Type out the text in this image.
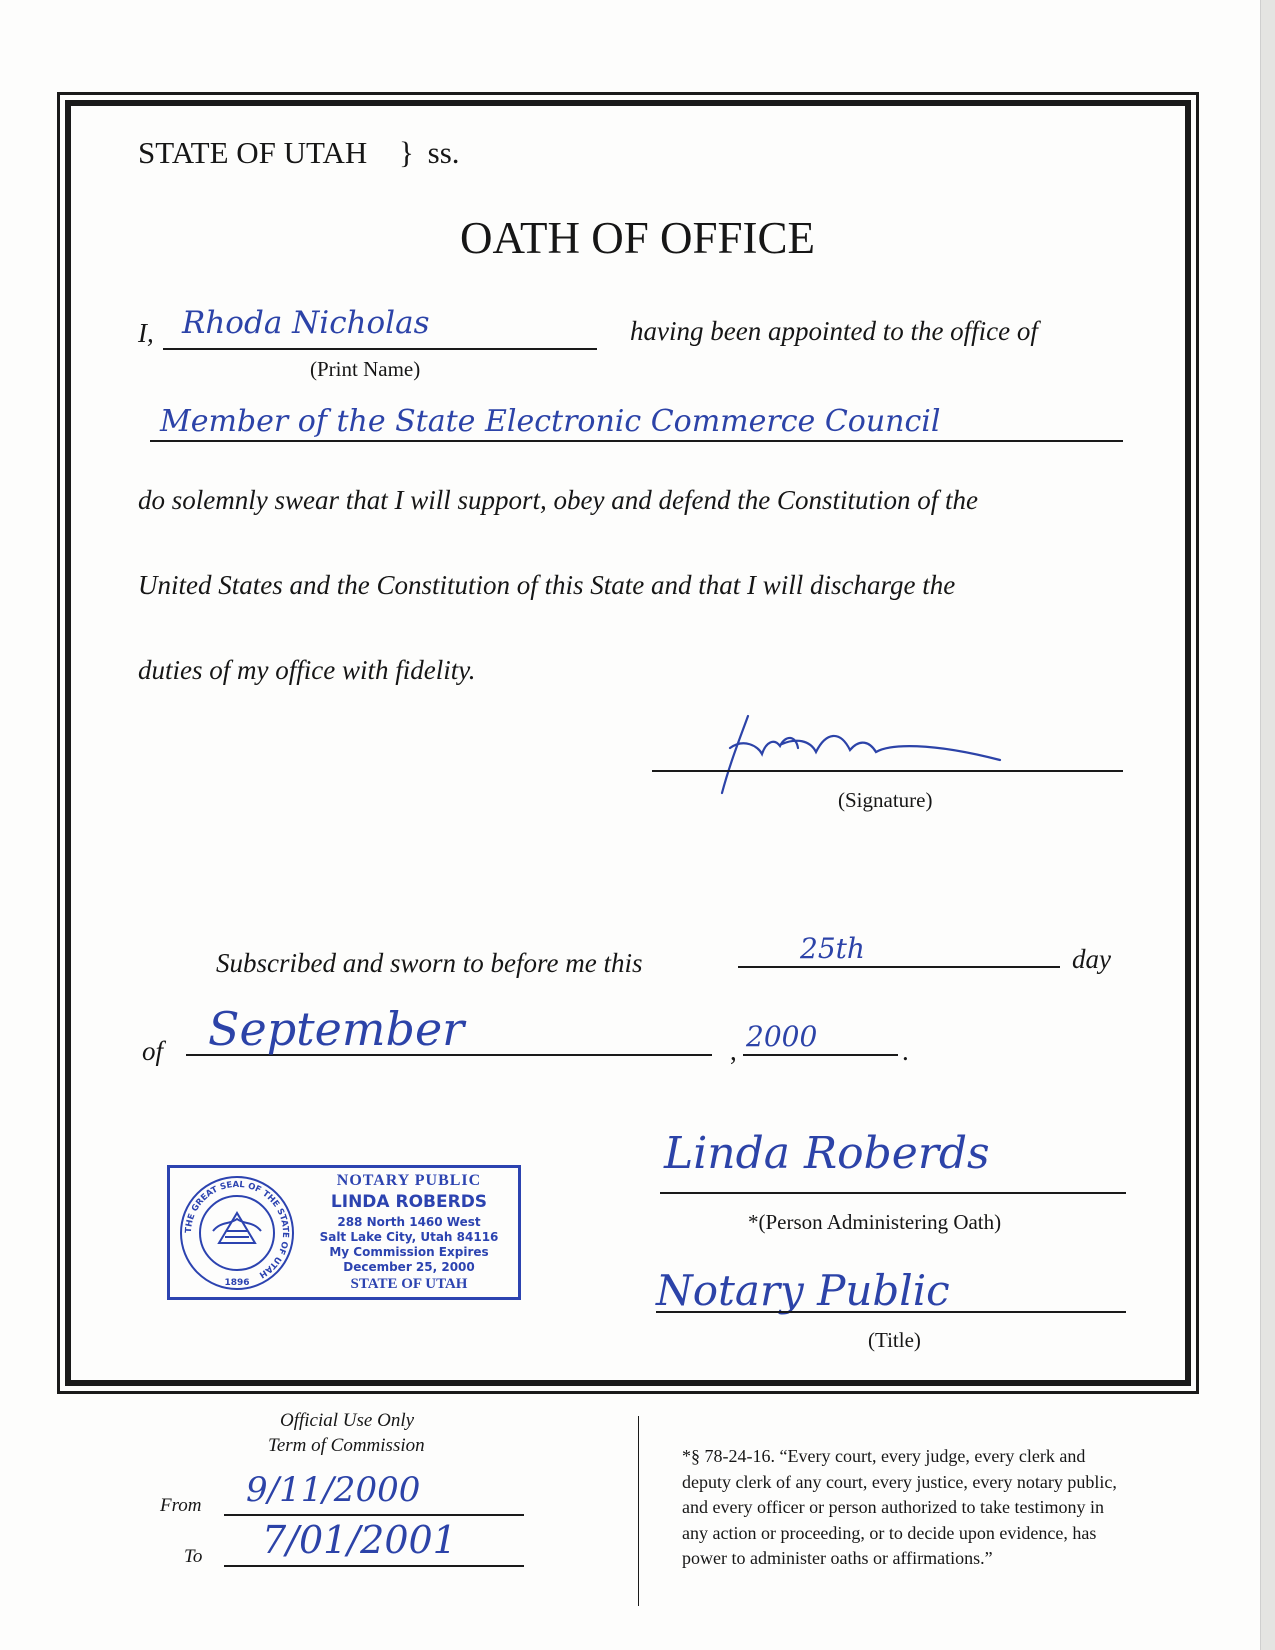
STATE OF UTAH } ss.
OATH OF OFFICE
I, Rhoda Nicholas	having been appointed to the office of
(Print Name)
Member of the State Electronic Commerce Council
do solemnly swear that I will support, obey and defend the Constitution of the
United States and the Constitution of this State and that I will discharge the
duties of my office with fidelity.
(Signature)
Subscribed and sworn to before me this	25th	day
of September	, 2000	.
THE GREAT SEAL OF THE STATE OF UTAH
1896
NOTARY PUBLIC
LINDA ROBERDS
288 North 1460 West
Salt Lake City, Utah 84116
My Commission Expires
December 25, 2000
STATE OF UTAH
Linda Roberds
*(Person Administering Oath)
Notary Public
(Title)
Official Use Only
Term of Commission
From 9/11/2000
To 7/01/2001
*§ 78-24-16. “Every court, every judge, every clerk and
deputy clerk of any court, every justice, every notary public,
and every officer or person authorized to take testimony in
any action or proceeding, or to decide upon evidence, has
power to administer oaths or affirmations.”
